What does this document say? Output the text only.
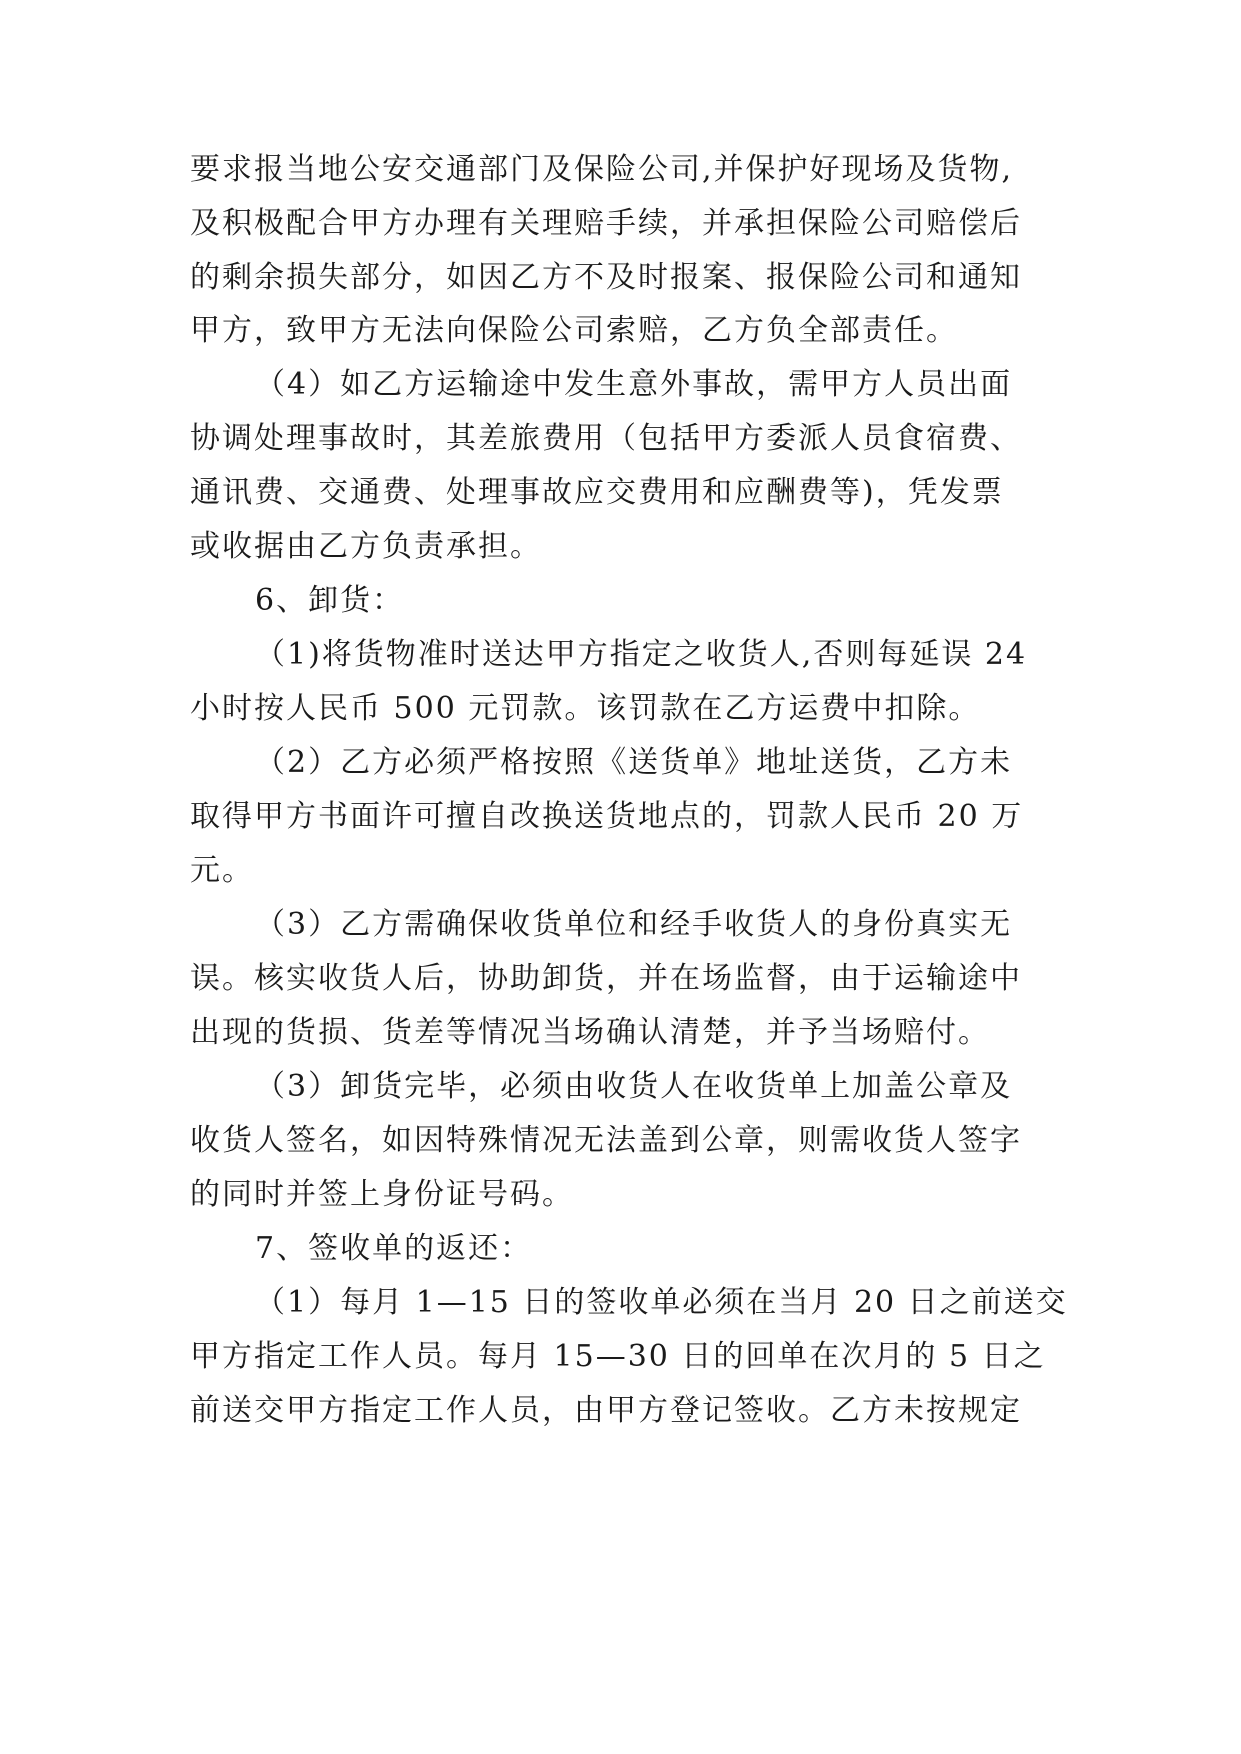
要求报当地公安交通部门及保险公司,并保护好现场及货物,
及积极配合甲方办理有关理赔手续，并承担保险公司赔偿后
的剩余损失部分，如因乙方不及时报案、报保险公司和通知
甲方，致甲方无法向保险公司索赔，乙方负全部责任。
（4）如乙方运输途中发生意外事故，需甲方人员出面
协调处理事故时，其差旅费用（包括甲方委派人员食宿费、
通讯费、交通费、处理事故应交费用和应酬费等)，凭发票
或收据由乙方负责承担。
6、卸货：
（1)将货物准时送达甲方指定之收货人,否则每延误 24
小时按人民币 500 元罚款。该罚款在乙方运费中扣除。
（2）乙方必须严格按照《送货单》地址送货，乙方未
取得甲方书面许可擅自改换送货地点的，罚款人民币 20 万
元。
（3）乙方需确保收货单位和经手收货人的身份真实无
误。核实收货人后，协助卸货，并在场监督，由于运输途中
出现的货损、货差等情况当场确认清楚，并予当场赔付。
（3）卸货完毕，必须由收货人在收货单上加盖公章及
收货人签名，如因特殊情况无法盖到公章，则需收货人签字
的同时并签上身份证号码。
7、签收单的返还：
（1）每月 1—15 日的签收单必须在当月 20 日之前送交
甲方指定工作人员。每月 15—30 日的回单在次月的 5 日之
前送交甲方指定工作人员，由甲方登记签收。乙方未按规定
